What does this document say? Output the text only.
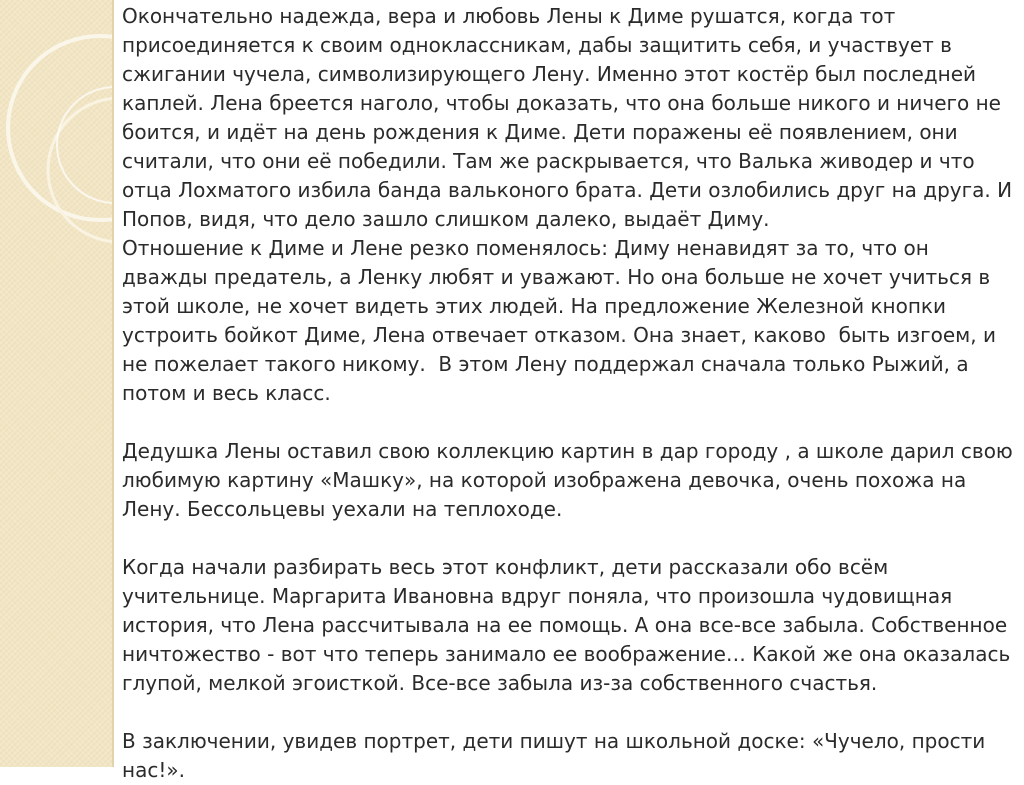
Окончательно надежда, вера и любовь Лены к Диме рушатся, когда тот присоединяется к своим одноклассникам, дабы защитить себя, и участвует в сжигании чучела, символизирующего Лену. Именно этот костёр был последней каплей. Лена бреется наголо, чтобы доказать, что она больше никого и ничего не боится, и идёт на день рождения к Диме. Дети поражены её появлением, они считали, что они её победили. Там же раскрывается, что Валька живодер и что отца Лохматого избила банда вальконого брата. Дети озлобились друг на друга. И Попов, видя, что дело зашло слишком далеко, выдаёт Диму.

Отношение к Диме и Лене резко поменялось: Диму ненавидят за то, что он дважды предатель, а Ленку любят и уважают. Но она больше не хочет учиться в этой школе, не хочет видеть этих людей. На предложение Железной кнопки устроить бойкот Диме, Лена отвечает отказом. Она знает, каково  быть изгоем, и не пожелает такого никому.  В этом Лену поддержал сначала только Рыжий, а потом и весь класс.

Дедушка Лены оставил свою коллекцию картин в дар городу , а школе дарил свою любимую картину «Машку», на которой изображена девочка, очень похожа на Лену. Бессольцевы уехали на теплоходе.

Когда начали разбирать весь этот конфликт, дети рассказали обо всём учительнице. Маргарита Ивановна вдруг поняла, что произошла чудовищная история, что Лена рассчитывала на ее помощь. А она все-все забыла. Собственное ничтожество - вот что теперь занимало ее воображение… Какой же она оказалась глупой, мелкой эгоисткой. Все-все забыла из-за собственного счастья.

В заключении, увидев портрет, дети пишут на школьной доске: «Чучело, прости нас!».
